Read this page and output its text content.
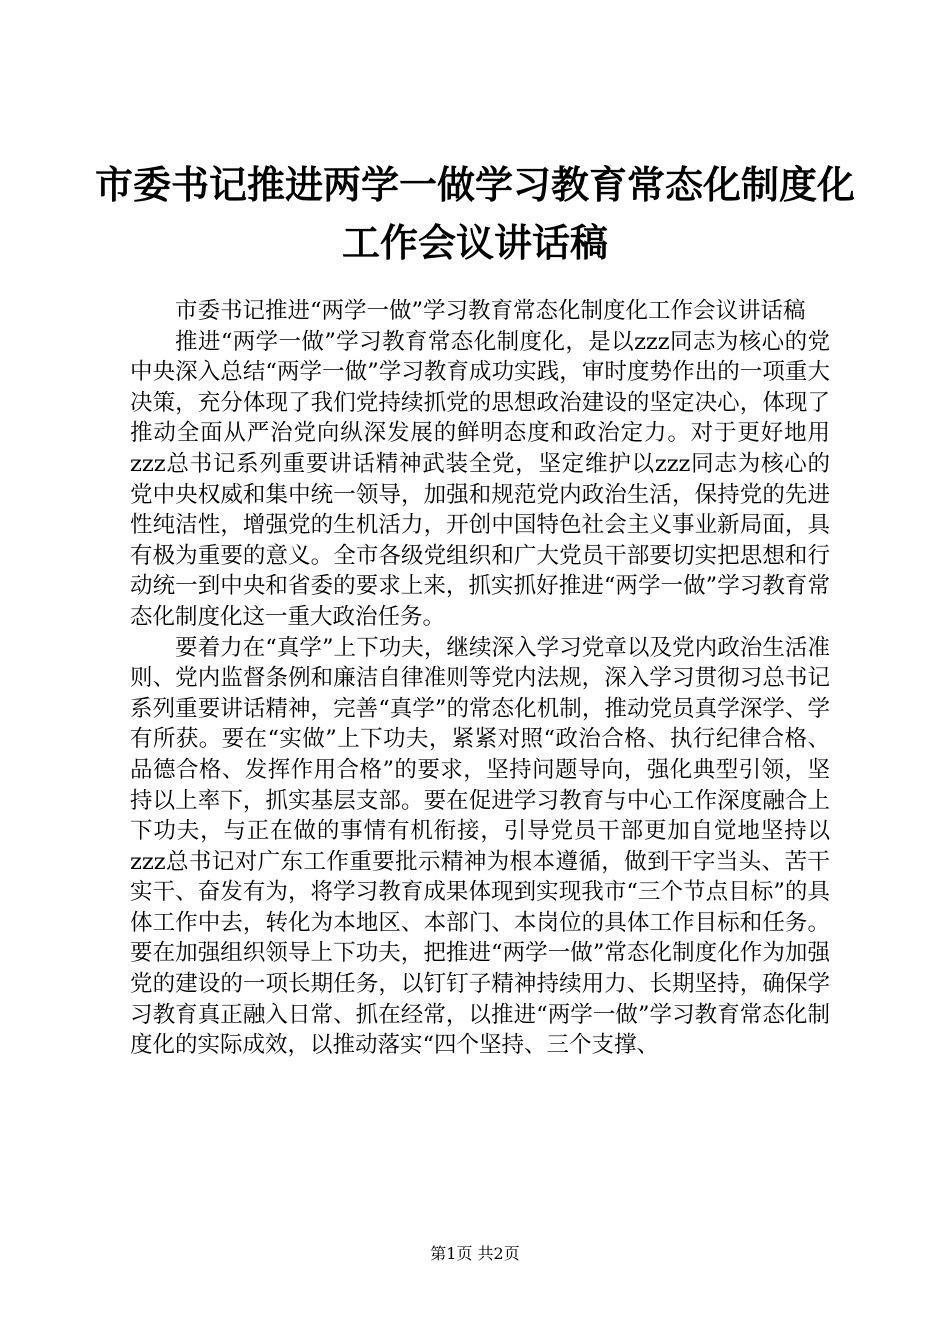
市委书记推进两学一做学习教育常态化制度化
工作会议讲话稿

市委书记推进“两学一做”学习教育常态化制度化工作会议讲话稿

推进“两学一做”学习教育常态化制度化，是以zzz同志为核心的党中央深入总结“两学一做”学习教育成功实践，审时度势作出的一项重大决策，充分体现了我们党持续抓党的思想政治建设的坚定决心，体现了推动全面从严治党向纵深发展的鲜明态度和政治定力。对于更好地用zzz总书记系列重要讲话精神武装全党，坚定维护以zzz同志为核心的党中央权威和集中统一领导，加强和规范党内政治生活，保持党的先进性纯洁性，增强党的生机活力，开创中国特色社会主义事业新局面，具有极为重要的意义。全市各级党组织和广大党员干部要切实把思想和行动统一到中央和省委的要求上来，抓实抓好推进“两学一做”学习教育常态化制度化这一重大政治任务。

要着力在“真学”上下功夫，继续深入学习党章以及党内政治生活准则、党内监督条例和廉洁自律准则等党内法规，深入学习贯彻习总书记系列重要讲话精神，完善“真学”的常态化机制，推动党员真学深学、学有所获。要在“实做”上下功夫，紧紧对照“政治合格、执行纪律合格、品德合格、发挥作用合格”的要求，坚持问题导向，强化典型引领，坚持以上率下，抓实基层支部。要在促进学习教育与中心工作深度融合上下功夫，与正在做的事情有机衔接，引导党员干部更加自觉地坚持以zzz总书记对广东工作重要批示精神为根本遵循，做到干字当头、苦干实干、奋发有为，将学习教育成果体现到实现我市“三个节点目标”的具体工作中去，转化为本地区、本部门、本岗位的具体工作目标和任务。要在加强组织领导上下功夫，把推进“两学一做”常态化制度化作为加强党的建设的一项长期任务，以钉钉子精神持续用力、长期坚持，确保学习教育真正融入日常、抓在经常，以推进“两学一做”学习教育常态化制度化的实际成效，以推动落实“四个坚持、三个支撑、

第1页 共2页
